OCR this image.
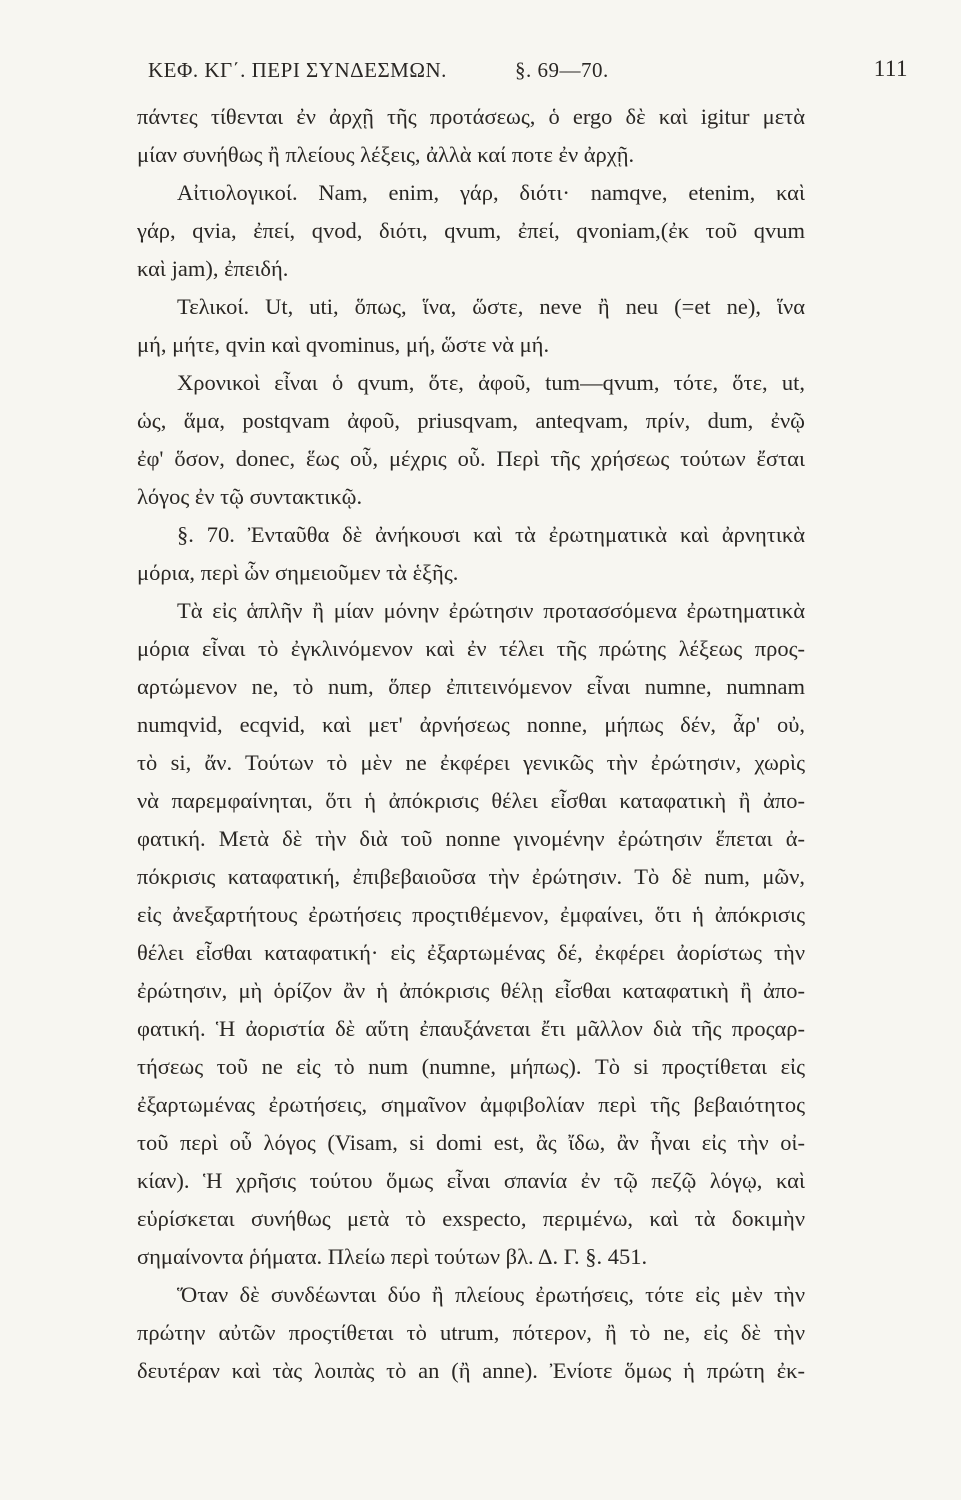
ΚΕΦ. ΚΓ΄. ΠΕΡΙ ΣΥΝΔΕΣΜΩΝ.	§. 69—70.	111
πάντες τίθενται ἐν ἀρχῇ τῆς προτάσεως, ὁ ergo δὲ καὶ igitur μετὰ
μίαν συνήθως ἢ πλείους λέξεις, ἀλλὰ καί ποτε ἐν ἀρχῇ.
Αἰτιολογικοί. Nam, enim, γάρ, διότι· namqve, etenim, καὶ
γάρ, qvia, ἐπεί, qvod, διότι, qvum, ἐπεί, qvoniam,(ἐκ τοῦ qvum
καὶ jam), ἐπειδή.
Τελικοί. Ut, uti, ὅπως, ἵνα, ὥστε, neve ἢ neu (=et ne), ἵνα
μή, μήτε, qvin καὶ qvominus, μή, ὥστε νὰ μή.
Χρονικοὶ εἶναι ὁ qvum, ὅτε, ἀφοῦ, tum—qvum, τότε, ὅτε, ut,
ὡς, ἅμα, postqvam ἀφοῦ, priusqvam, anteqvam, πρίν, dum, ἐνῷ
ἐφ' ὅσον, donec, ἕως οὗ, μέχρις οὗ. Περὶ τῆς χρήσεως τούτων ἔσται
λόγος ἐν τῷ συντακτικῷ.
§. 70. Ἐνταῦθα δὲ ἀνήκουσι καὶ τὰ ἐρωτηματικὰ καὶ ἀρνητικὰ
μόρια, περὶ ὧν σημειοῦμεν τὰ ἑξῆς.
Τὰ εἰς ἁπλῆν ἢ μίαν μόνην ἐρώτησιν προτασσόμενα ἐρωτηματικὰ
μόρια εἶναι τὸ ἐγκλινόμενον καὶ ἐν τέλει τῆς πρώτης λέξεως προς-
αρτώμενον ne, τὸ num, ὅπερ ἐπιτεινόμενον εἶναι numne, numnam
numqvid, ecqvid, καὶ μετ' ἀρνήσεως nonne, μήπως δέν, ἆρ' οὐ,
τὸ si, ἄν. Τούτων τὸ μὲν ne ἐκφέρει γενικῶς τὴν ἐρώτησιν, χωρὶς
νὰ παρεμφαίνηται, ὅτι ἡ ἀπόκρισις θέλει εἶσθαι καταφατικὴ ἢ ἀπο-
φατική. Μετὰ δὲ τὴν διὰ τοῦ nonne γινομένην ἐρώτησιν ἕπεται ἀ-
πόκρισις καταφατική, ἐπιβεβαιοῦσα τὴν ἐρώτησιν. Τὸ δὲ num, μῶν,
εἰς ἀνεξαρτήτους ἐρωτήσεις προςτιθέμενον, ἐμφαίνει, ὅτι ἡ ἀπόκρισις
θέλει εἶσθαι καταφατική· εἰς ἐξαρτωμένας δέ, ἐκφέρει ἀορίστως τὴν
ἐρώτησιν, μὴ ὁρίζον ἂν ἡ ἀπόκρισις θέλῃ εἶσθαι καταφατικὴ ἢ ἀπο-
φατική. Ἡ ἀοριστία δὲ αὕτη ἐπαυξάνεται ἔτι μᾶλλον διὰ τῆς προςαρ-
τήσεως τοῦ ne εἰς τὸ num (numne, μήπως). Τὸ si προςτίθεται εἰς
ἐξαρτωμένας ἐρωτήσεις, σημαῖνον ἀμφιβολίαν περὶ τῆς βεβαιότητος
τοῦ περὶ οὗ λόγος (Visam, si domi est, ἂς ἴδω, ἂν ἦναι εἰς τὴν οἰ-
κίαν). Ἡ χρῆσις τούτου ὅμως εἶναι σπανία ἐν τῷ πεζῷ λόγῳ, καὶ
εὑρίσκεται συνήθως μετὰ τὸ exspecto, περιμένω, καὶ τὰ δοκιμὴν
σημαίνοντα ῥήματα. Πλείω περὶ τούτων βλ. Δ. Γ. §. 451.
Ὅταν δὲ συνδέωνται δύο ἢ πλείους ἐρωτήσεις, τότε εἰς μὲν τὴν
πρώτην αὐτῶν προςτίθεται τὸ utrum, πότερον, ἢ τὸ ne, εἰς δὲ τὴν
δευτέραν καὶ τὰς λοιπὰς τὸ an (ἢ anne). Ἐνίοτε ὅμως ἡ πρώτη ἐκ-
